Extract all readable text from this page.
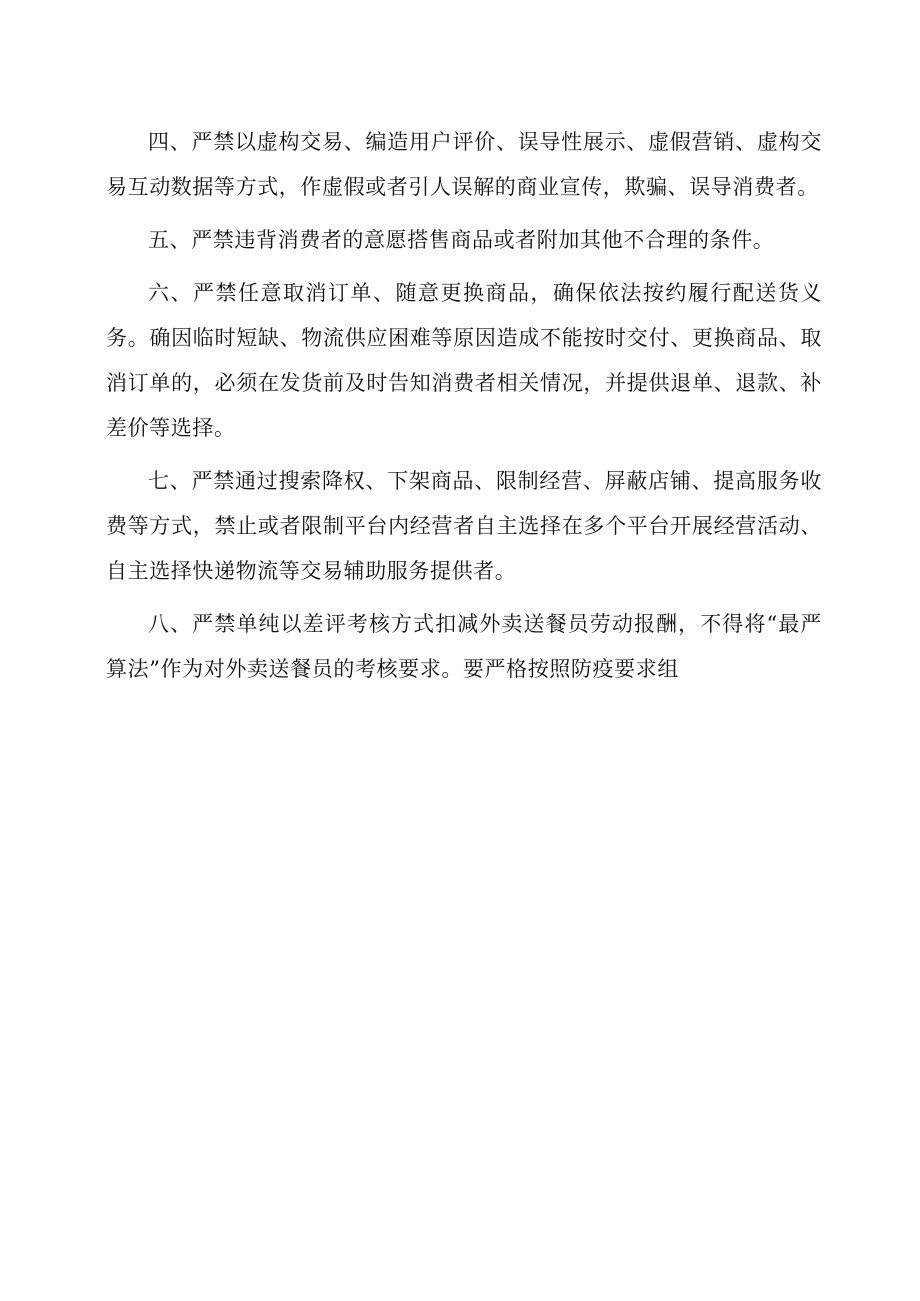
四、严禁以虚构交易、编造用户评价、误导性展示、虚假营销、虚构交易互动数据等方式，作虚假或者引人误解的商业宣传，欺骗、误导消费者。

五、严禁违背消费者的意愿搭售商品或者附加其他不合理的条件。

六、严禁任意取消订单、随意更换商品，确保依法按约履行配送货义务。确因临时短缺、物流供应困难等原因造成不能按时交付、更换商品、取消订单的，必须在发货前及时告知消费者相关情况，并提供退单、退款、补差价等选择。

七、严禁通过搜索降权、下架商品、限制经营、屏蔽店铺、提高服务收费等方式，禁止或者限制平台内经营者自主选择在多个平台开展经营活动、自主选择快递物流等交易辅助服务提供者。

八、严禁单纯以差评考核方式扣减外卖送餐员劳动报酬，不得将“最严算法”作为对外卖送餐员的考核要求。要严格按照防疫要求组
